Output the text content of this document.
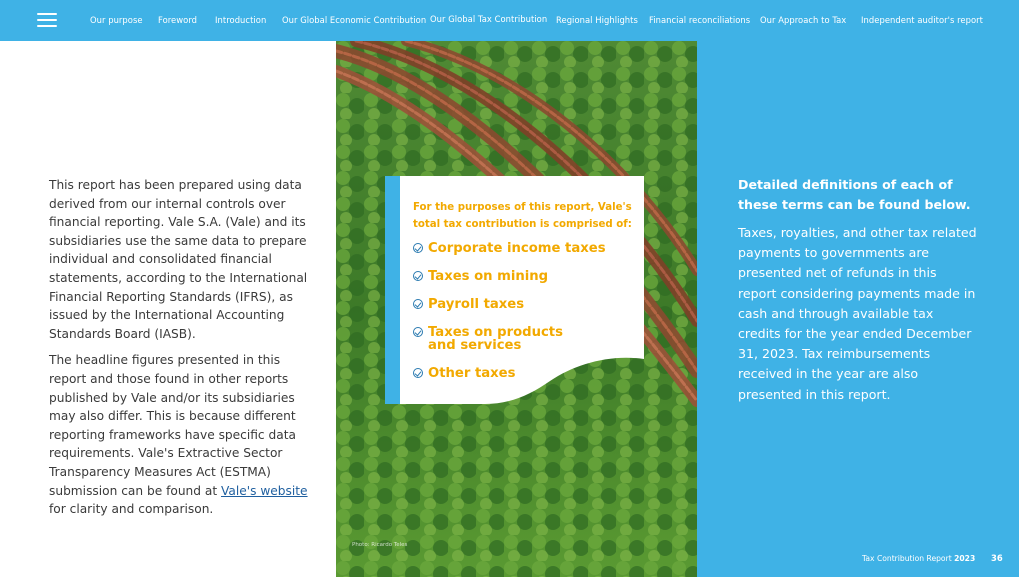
Our purpose Foreword Introduction Our Global Economic Contribution Our Global Tax Contribution Regional Highlights Financial reconciliations Our Approach to Tax Independent auditor's report

This report has been prepared using data derived from our internal controls over financial reporting. Vale S.A. (Vale) and its subsidiaries use the same data to prepare individual and consolidated financial statements, according to the International Financial Reporting Standards (IFRS), as issued by the International Accounting Standards Board (IASB).

The headline figures presented in this report and those found in other reports published by Vale and/or its subsidiaries may also differ. This is because different reporting frameworks have specific data requirements. Vale's Extractive Sector Transparency Measures Act (ESTMA) submission can be found at Vale's website for clarity and comparison.

Photo: Ricardo Teles
For the purposes of this report, Vale's total tax contribution is comprised of:
Corporate income taxes
Taxes on mining
Payroll taxes
Taxes on products and services
Other taxes
Detailed definitions of each of these terms can be found below.
Taxes, royalties, and other tax related payments to governments are presented net of refunds in this report considering payments made in cash and through available tax credits for the year ended December 31, 2023. Tax reimbursements received in the year are also presented in this report.
Tax Contribution Report 2023 36
